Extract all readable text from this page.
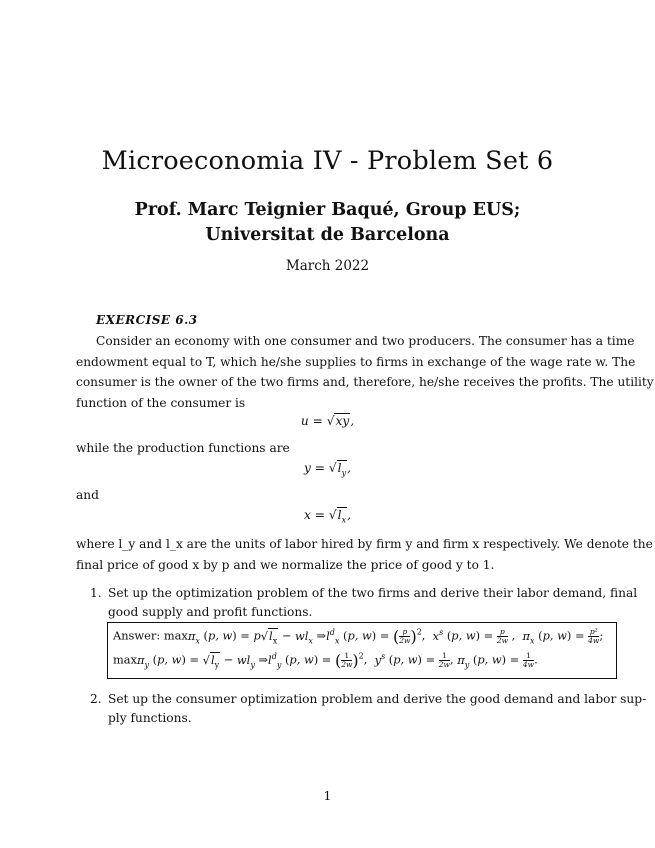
Microeconomia IV - Problem Set 6
Prof. Marc Teignier Baqué, Group EUS;
Universitat de Barcelona
March 2022
EXERCISE 6.3
Consider an economy with one consumer and two producers. The consumer has a time
endowment equal to T, which he/she supplies to firms in exchange of the wage rate w. The
consumer is the owner of the two firms and, therefore, he/she receives the profits. The utility
function of the consumer is
u = √xy,
while the production functions are
$y = √l_y$,
and
$x = √l_x$,
where l_y and l_x are the units of labor hired by firm y and firm x respectively. We denote the
final price of good x by p and we normalize the price of good y to 1.
1. Set up the optimization problem of the two firms and derive their labor demand, final
good supply and profit functions.
Answer: maxπ$_x$ (p, $w) = p√l_x - wl_x$ $\Rightarrow l^d_x$ (p, w) = ( $\frac{p}{2w} )^2$,  $x^s$ (p, $w) = \frac{p}{2w}$ ,  $\pi_x$ (p, $w) = \frac{\text{p²}}{4w}$ ;
maxπ$_y$ (p, $w) = √l_y - wl_y$ $\Rightarrow l^d_y$ (p, w) = ( $\frac{1}{2w} )^2$,  $y^s$ (p, $w) = \frac{1}{2w}$ , $\pi_y$ (p, $w) = \frac{1}{4w}$ .
2. Set up the consumer optimization problem and derive the good demand and labor sup-
ply functions.
1
